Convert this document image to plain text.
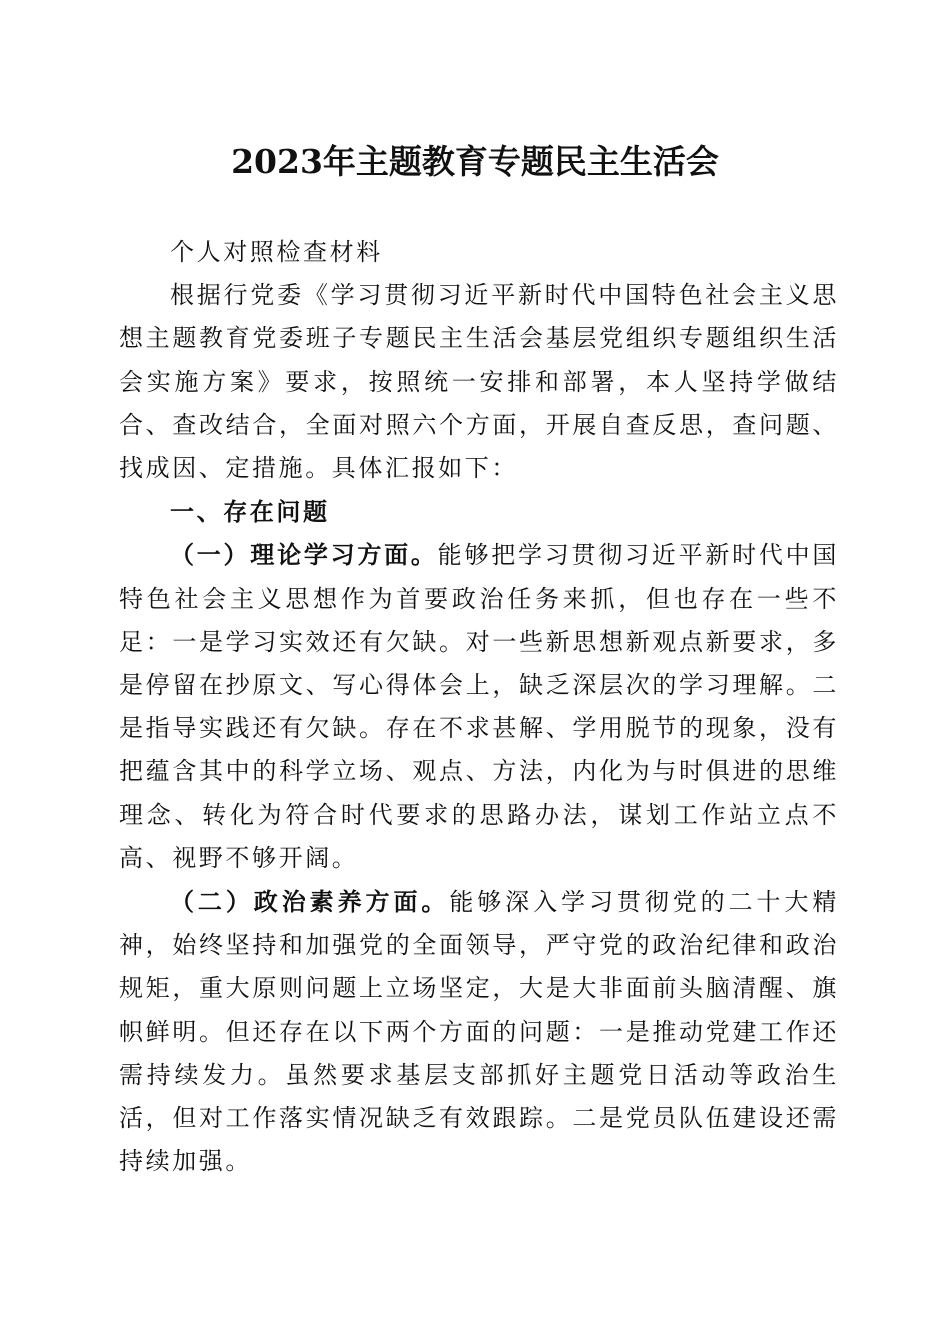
2023年主题教育专题民主生活会

个人对照检查材料

根据行党委《学习贯彻习近平新时代中国特色社会主义思想主题教育党委班子专题民主生活会基层党组织专题组织生活会实施方案》要求，按照统一安排和部署，本人坚持学做结合、查改结合，全面对照六个方面，开展自查反思，查问题、找成因、定措施。具体汇报如下：

一、存在问题

（一）理论学习方面。能够把学习贯彻习近平新时代中国特色社会主义思想作为首要政治任务来抓，但也存在一些不足：一是学习实效还有欠缺。对一些新思想新观点新要求，多是停留在抄原文、写心得体会上，缺乏深层次的学习理解。二是指导实践还有欠缺。存在不求甚解、学用脱节的现象，没有把蕴含其中的科学立场、观点、方法，内化为与时俱进的思维理念、转化为符合时代要求的思路办法，谋划工作站立点不高、视野不够开阔。

（二）政治素养方面。能够深入学习贯彻党的二十大精神，始终坚持和加强党的全面领导，严守党的政治纪律和政治规矩，重大原则问题上立场坚定，大是大非面前头脑清醒、旗帜鲜明。但还存在以下两个方面的问题：一是推动党建工作还需持续发力。虽然要求基层支部抓好主题党日活动等政治生活，但对工作落实情况缺乏有效跟踪。二是党员队伍建设还需持续加强。
